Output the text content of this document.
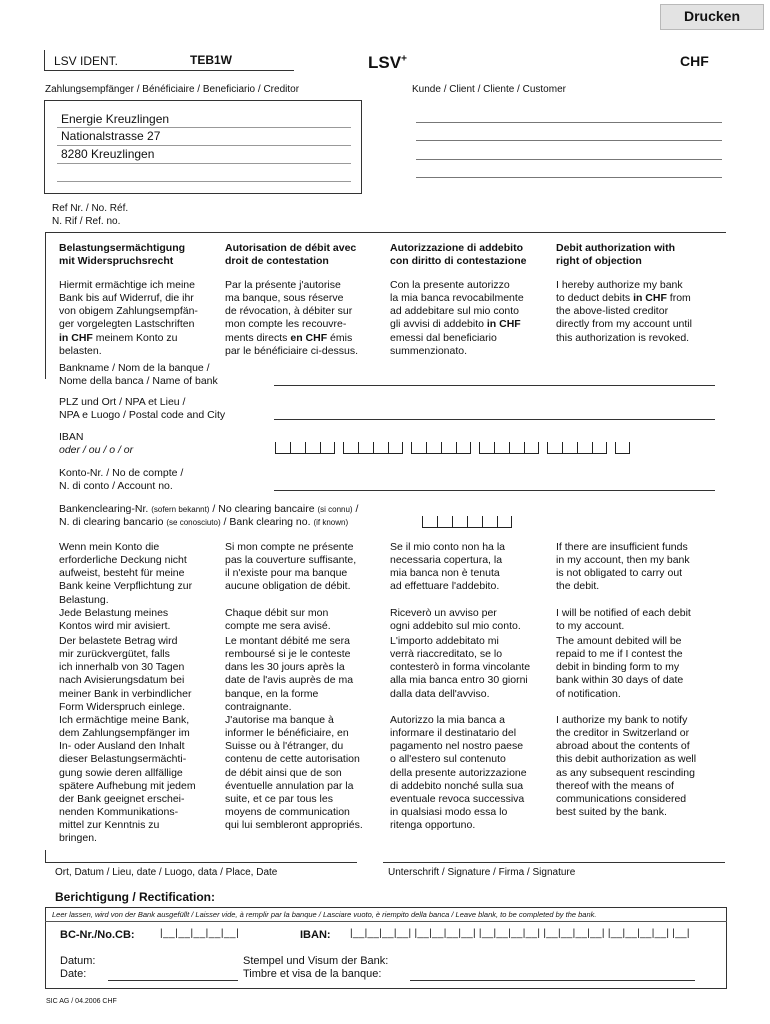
Drucken
LSV IDENT.	TEB1W	LSV+	CHF
Zahlungsempfänger / Bénéficiaire / Beneficiario / Creditor	Kunde / Client / Cliente / Customer
Energie Kreuzlingen
Nationalstrasse 27
8280 Kreuzlingen
Ref Nr. / No. Réf.
N. Rif / Ref. no.
Belastungsermächtigung
mit Widerspruchsrecht
Autorisation de débit avec
droit de contestation
Autorizzazione di addebito
con diritto di contestazione
Debit authorization with
right of objection
Hiermit ermächtige ich meine
Bank bis auf Widerruf, die ihr
von obigem Zahlungsempfän-
ger vorgelegten Lastschriften
in CHF meinem Konto zu
belasten.
Par la présente j'autorise
ma banque, sous réserve
de révocation, à débiter sur
mon compte les recouvre-
ments directs en CHF émis
par le bénéficiaire ci-dessus.
Con la presente autorizzo
la mia banca revocabilmente
ad addebitare sul mio conto
gli avvisi di addebito in CHF
emessi dal beneficiario
summenzionato.
I hereby authorize my bank
to deduct debits in CHF from
the above-listed creditor
directly from my account until
this authorization is revoked.
Bankname / Nom de la banque /
Nome della banca / Name of bank
PLZ und Ort / NPA et Lieu /
NPA e Luogo / Postal code and City
IBAN
oder / ou / o / or
Konto-Nr. / No de compte /
N. di conto / Account no.
Bankenclearing-Nr. (sofern bekannt) / No clearing bancaire (si connu) /
N. di clearing bancario (se conosciuto) / Bank clearing no. (if known)
Wenn mein Konto die
erforderliche Deckung nicht
aufweist, besteht für meine
Bank keine Verpflichtung zur
Belastung.
Si mon compte ne présente
pas la couverture suffisante,
il n'existe pour ma banque
aucune obligation de débit.
Se il mio conto non ha la
necessaria copertura, la
mia banca non è tenuta
ad effettuare l'addebito.
If there are insufficient funds
in my account, then my bank
is not obligated to carry out
the debit.
Jede Belastung meines
Kontos wird mir avisiert.
Chaque débit sur mon
compte me sera avisé.
Riceverò un avviso per
ogni addebito sul mio conto.
I will be notified of each debit
to my account.
Der belastete Betrag wird
mir zurückvergütet, falls
ich innerhalb von 30 Tagen
nach Avisierungsdatum bei
meiner Bank in verbindlicher
Form Widerspruch einlege.
Le montant débité me sera
remboursé si je le conteste
dans les 30 jours après la
date de l'avis auprès de ma
banque, en la forme
contraignante.
L'importo addebitato mi
verrà riaccreditato, se lo
contesterò in forma vincolante
alla mia banca entro 30 giorni
dalla data dell'avviso.
The amount debited will be
repaid to me if I contest the
debit in binding form to my
bank within 30 days of date
of notification.
Ich ermächtige meine Bank,
dem Zahlungsempfänger im
In- oder Ausland den Inhalt
dieser Belastungsermächti-
gung sowie deren allfällige
spätere Aufhebung mit jedem
der Bank geeignet erschei-
nenden Kommunikations-
mittel zur Kenntnis zu
bringen.
J'autorise ma banque à
informer le bénéficiaire, en
Suisse ou à l'étranger, du
contenu de cette autorisation
de débit ainsi que de son
éventuelle annulation par la
suite, et ce par tous les
moyens de communication
qui lui sembleront appropriés.
Autorizzo la mia banca a
informare il destinatario del
pagamento nel nostro paese
o all'estero sul contenuto
della presente autorizzazione
di addebito nonché sulla sua
eventuale revoca successiva
in qualsiasi modo essa lo
ritenga opportuno.
I authorize my bank to notify
the creditor in Switzerland or
abroad about the contents of
this debit authorization as well
as any subsequent rescinding
thereof with the means of
communications considered
best suited by the bank.
Ort, Datum / Lieu, date / Luogo, data / Place, Date	Unterschrift / Signature / Firma / Signature
Berichtigung / Rectification:
Leer lassen, wird von der Bank ausgefüllt / Laisser vide, à remplir par la banque / Lasciare vuoto, è riempito della banca / Leave blank, to be completed by the bank.
BC-Nr./No.CB:	|__|__|__|__|__|	IBAN: |__|__|__|__| |__|__|__|__| |__|__|__|__| |__|__|__|__| |__|__|__|__| |__|
Datum:
Date:
Stempel und Visum der Bank:
Timbre et visa de la banque:
SIC AG / 04.2006 CHF
